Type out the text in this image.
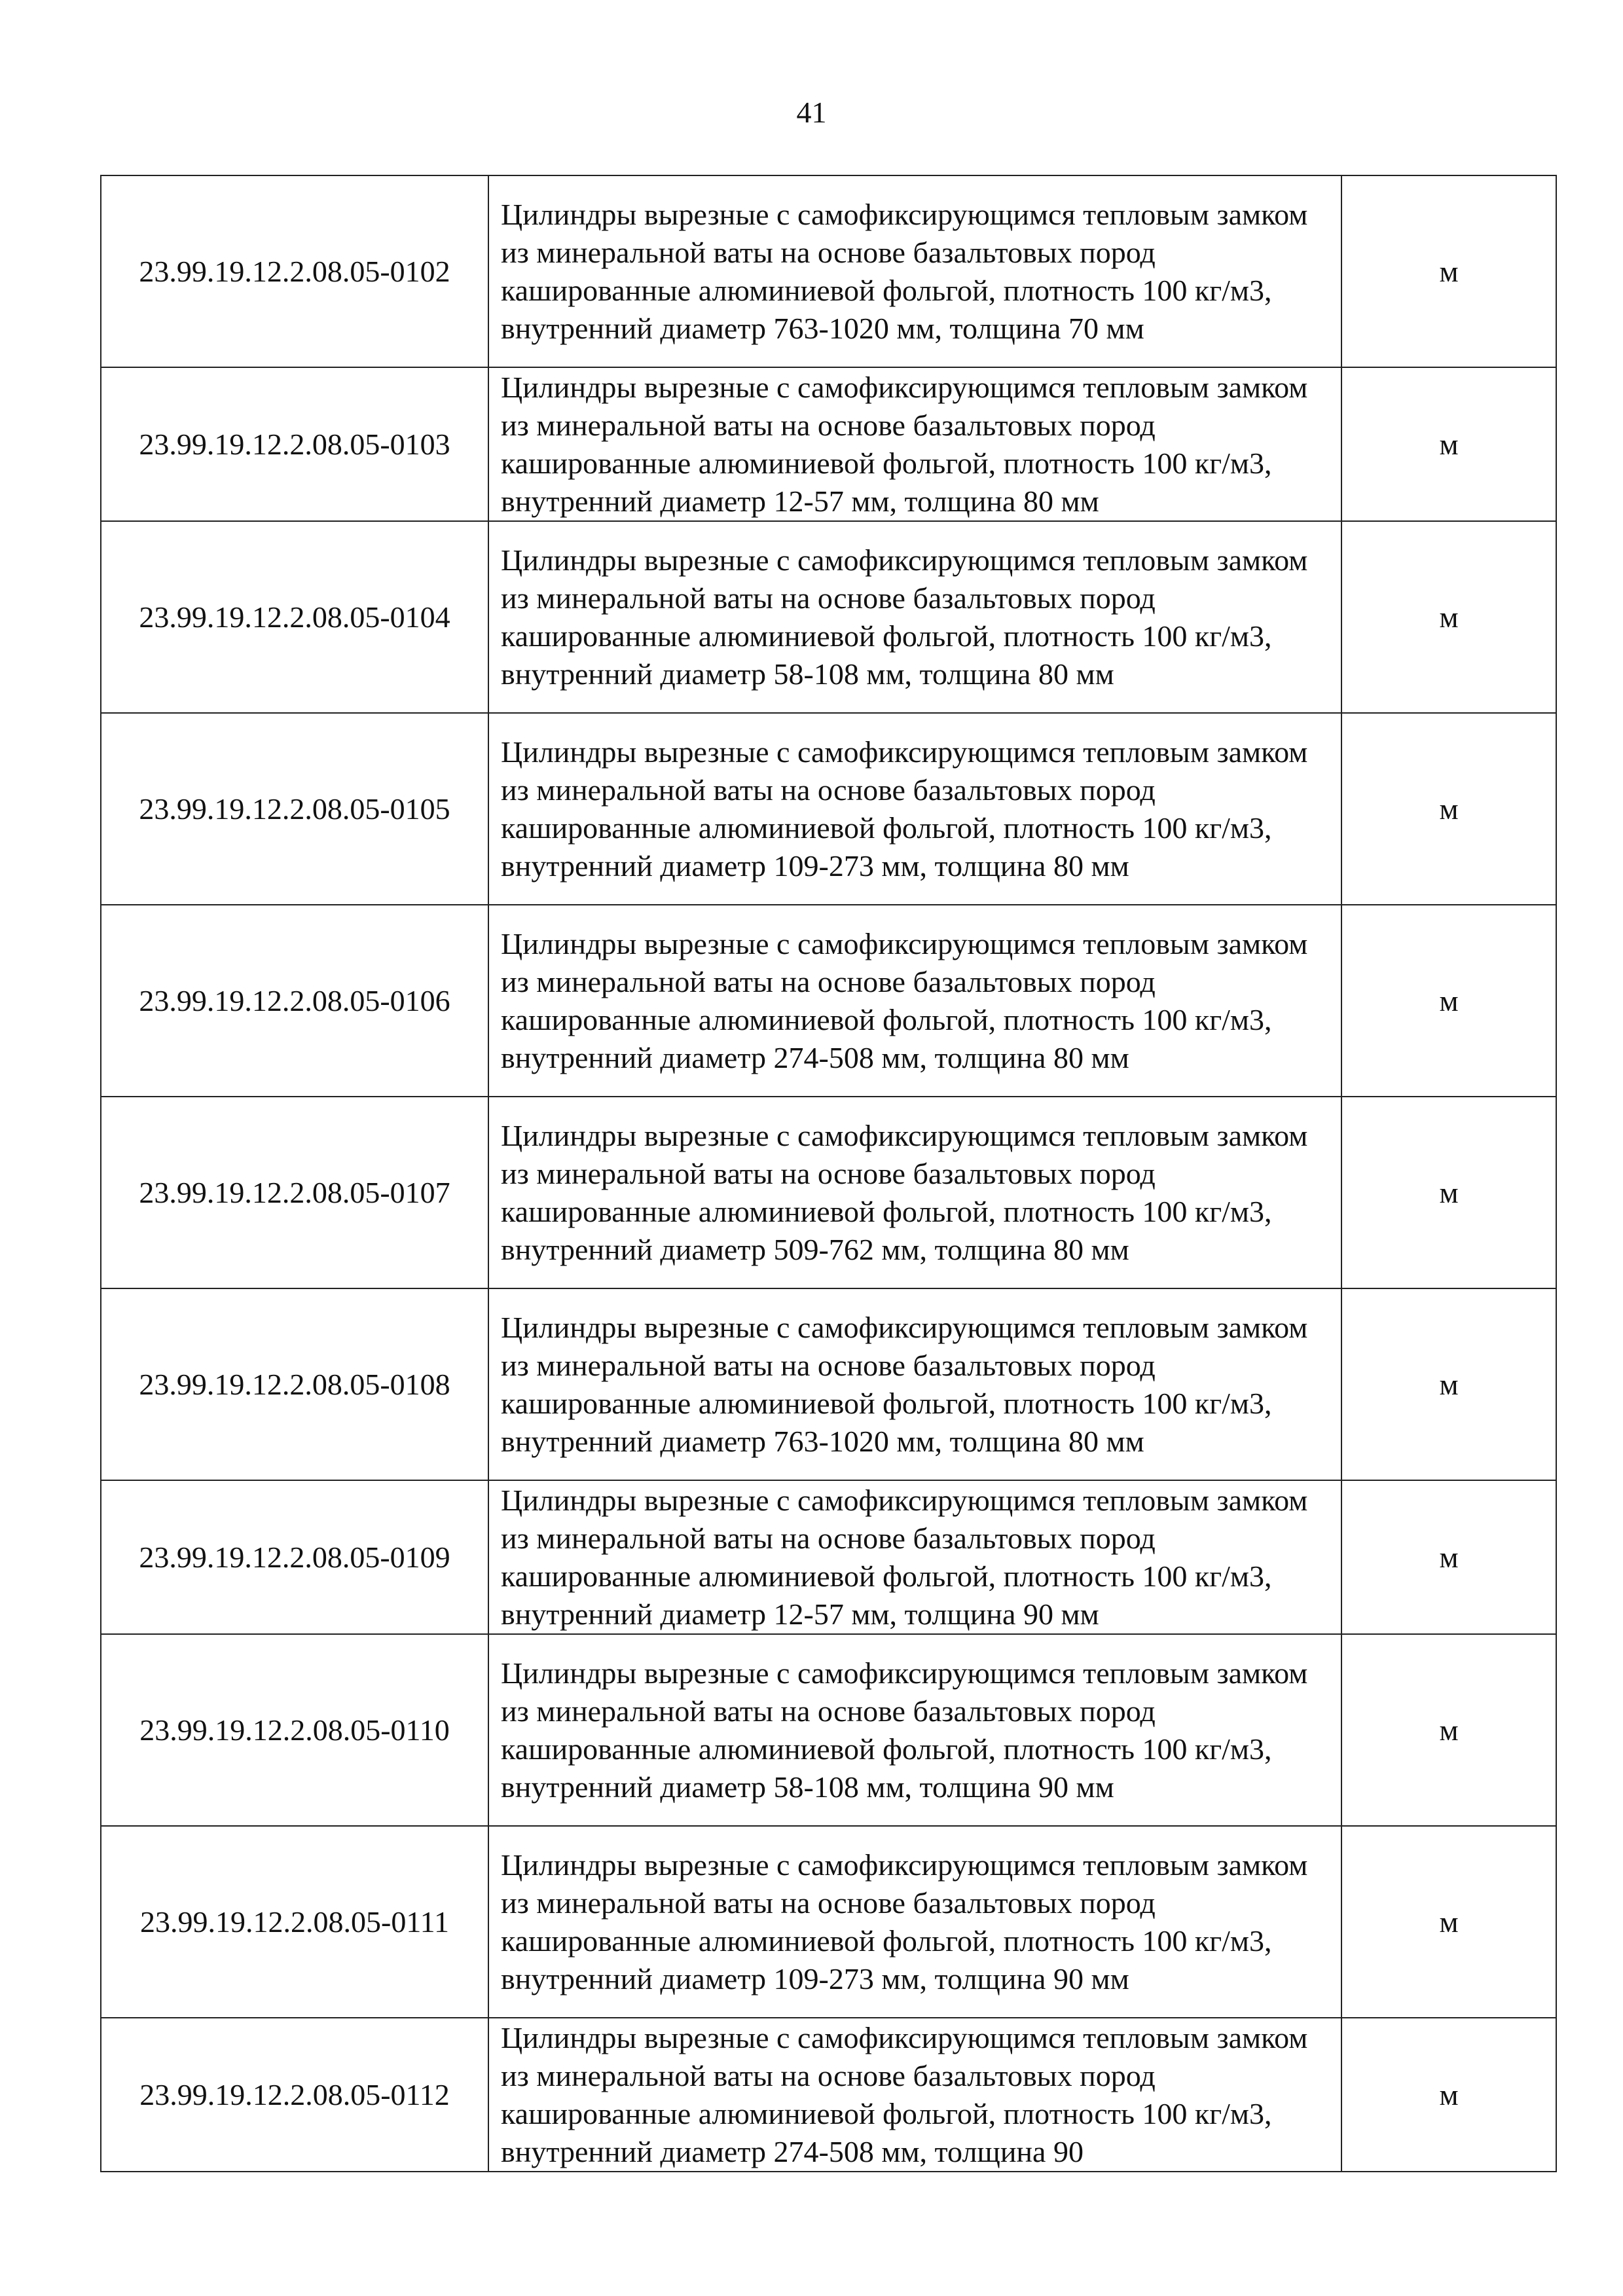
41
23.99.19.12.2.08.05-0102	Цилиндры вырезные с самофиксирующимся тепловым замком из минеральной ваты на основе базальтовых пород кашированные алюминиевой фольгой, плотность 100 кг/м3, внутренний диаметр 763-1020 мм, толщина 70 мм	м
23.99.19.12.2.08.05-0103	Цилиндры вырезные с самофиксирующимся тепловым замком из минеральной ваты на основе базальтовых пород кашированные алюминиевой фольгой, плотность 100 кг/м3, внутренний диаметр 12-57 мм, толщина 80 мм	м
23.99.19.12.2.08.05-0104	Цилиндры вырезные с самофиксирующимся тепловым замком из минеральной ваты на основе базальтовых пород кашированные алюминиевой фольгой, плотность 100 кг/м3, внутренний диаметр 58-108 мм, толщина 80 мм	м
23.99.19.12.2.08.05-0105	Цилиндры вырезные с самофиксирующимся тепловым замком из минеральной ваты на основе базальтовых пород кашированные алюминиевой фольгой, плотность 100 кг/м3, внутренний диаметр 109-273 мм, толщина 80 мм	м
23.99.19.12.2.08.05-0106	Цилиндры вырезные с самофиксирующимся тепловым замком из минеральной ваты на основе базальтовых пород кашированные алюминиевой фольгой, плотность 100 кг/м3, внутренний диаметр 274-508 мм, толщина 80 мм	м
23.99.19.12.2.08.05-0107	Цилиндры вырезные с самофиксирующимся тепловым замком из минеральной ваты на основе базальтовых пород кашированные алюминиевой фольгой, плотность 100 кг/м3, внутренний диаметр 509-762 мм, толщина 80 мм	м
23.99.19.12.2.08.05-0108	Цилиндры вырезные с самофиксирующимся тепловым замком из минеральной ваты на основе базальтовых пород кашированные алюминиевой фольгой, плотность 100 кг/м3, внутренний диаметр 763-1020 мм, толщина 80 мм	м
23.99.19.12.2.08.05-0109	Цилиндры вырезные с самофиксирующимся тепловым замком из минеральной ваты на основе базальтовых пород кашированные алюминиевой фольгой, плотность 100 кг/м3, внутренний диаметр 12-57 мм, толщина 90 мм	м
23.99.19.12.2.08.05-0110	Цилиндры вырезные с самофиксирующимся тепловым замком из минеральной ваты на основе базальтовых пород кашированные алюминиевой фольгой, плотность 100 кг/м3, внутренний диаметр 58-108 мм, толщина 90 мм	м
23.99.19.12.2.08.05-0111	Цилиндры вырезные с самофиксирующимся тепловым замком из минеральной ваты на основе базальтовых пород кашированные алюминиевой фольгой, плотность 100 кг/м3, внутренний диаметр 109-273 мм, толщина 90 мм	м
23.99.19.12.2.08.05-0112	Цилиндры вырезные с самофиксирующимся тепловым замком из минеральной ваты на основе базальтовых пород кашированные алюминиевой фольгой, плотность 100 кг/м3, внутренний диаметр 274-508 мм, толщина 90	м
